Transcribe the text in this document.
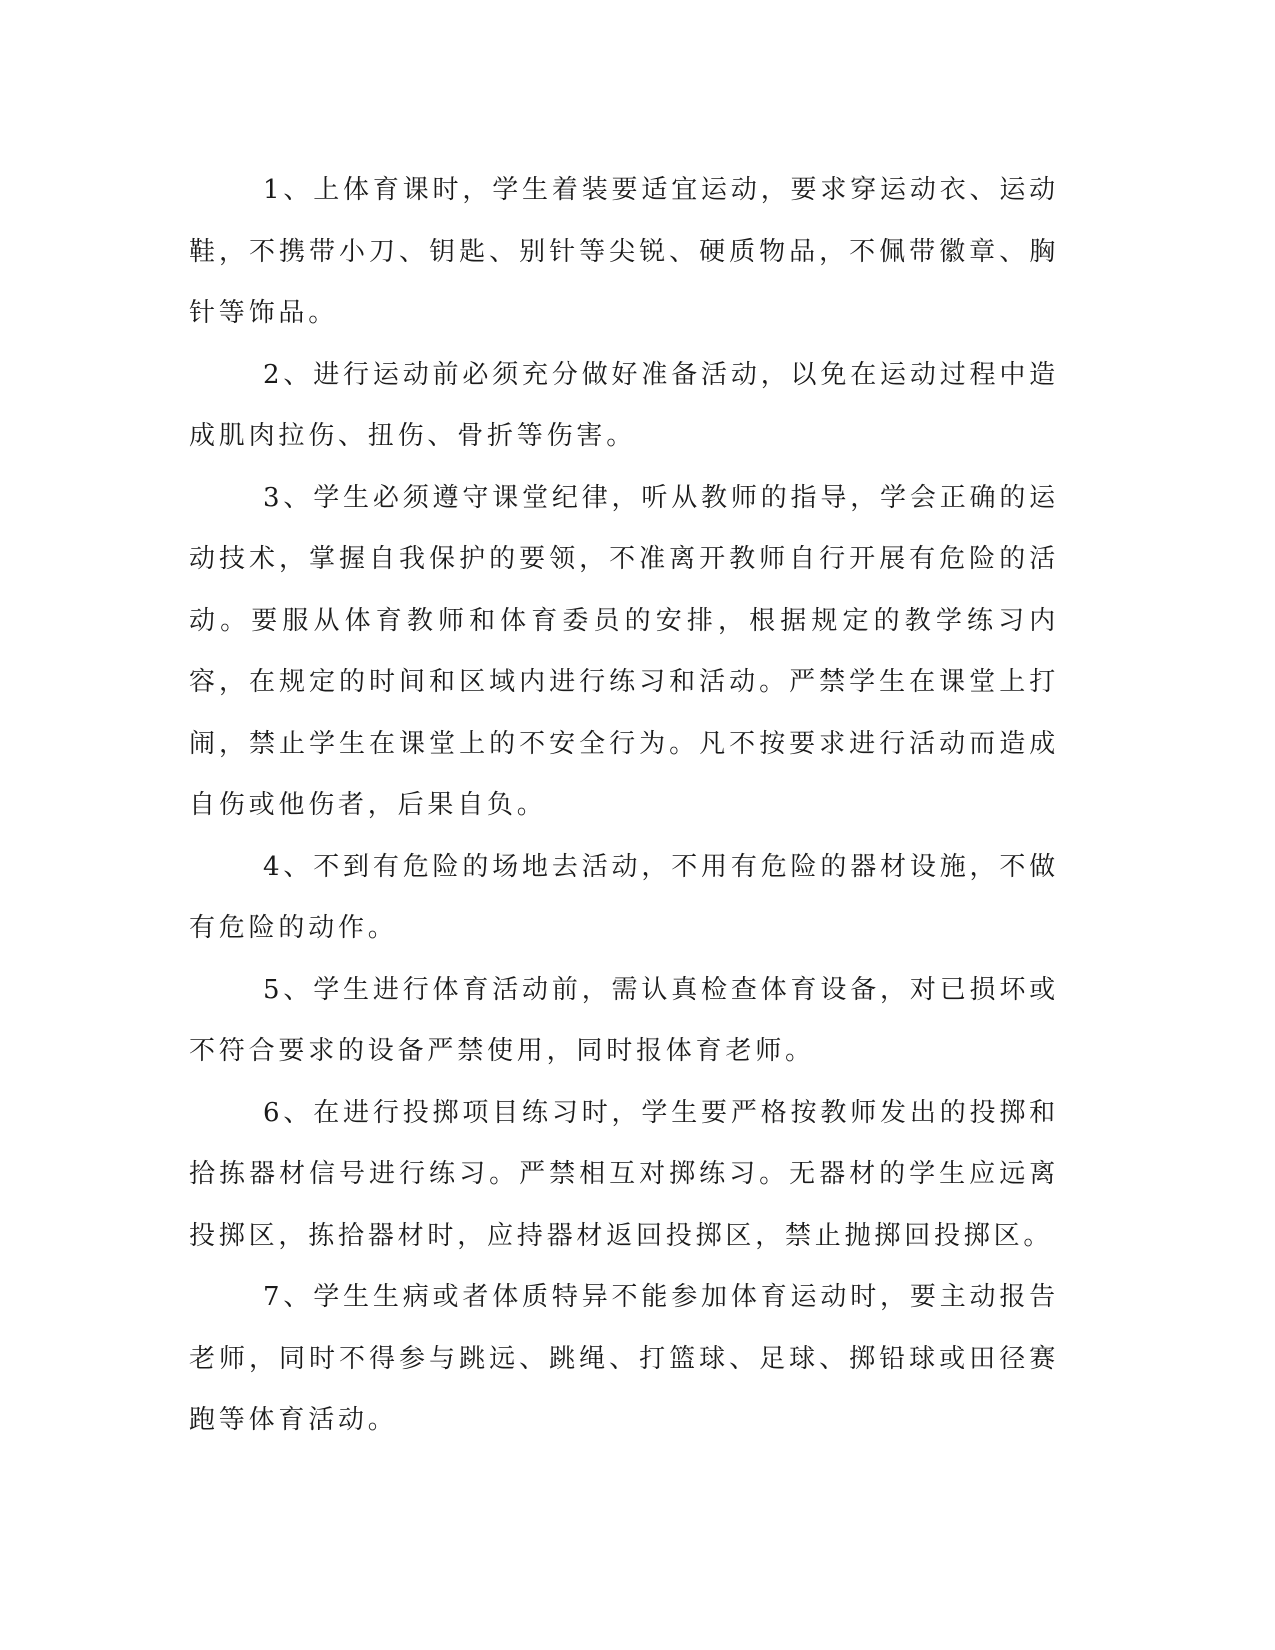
1、上体育课时，学生着装要适宜运动，要求穿运动衣、运动鞋，不携带小刀、钥匙、别针等尖锐、硬质物品，不佩带徽章、胸针等饰品。

2、进行运动前必须充分做好准备活动，以免在运动过程中造成肌肉拉伤、扭伤、骨折等伤害。

3、学生必须遵守课堂纪律，听从教师的指导，学会正确的运动技术，掌握自我保护的要领，不准离开教师自行开展有危险的活动。要服从体育教师和体育委员的安排，根据规定的教学练习内容，在规定的时间和区域内进行练习和活动。严禁学生在课堂上打闹，禁止学生在课堂上的不安全行为。凡不按要求进行活动而造成自伤或他伤者，后果自负。

4、不到有危险的场地去活动，不用有危险的器材设施，不做有危险的动作。

5、学生进行体育活动前，需认真检查体育设备，对已损坏或不符合要求的设备严禁使用，同时报体育老师。

6、在进行投掷项目练习时，学生要严格按教师发出的投掷和拾拣器材信号进行练习。严禁相互对掷练习。无器材的学生应远离投掷区，拣拾器材时，应持器材返回投掷区，禁止抛掷回投掷区。

7、学生生病或者体质特异不能参加体育运动时，要主动报告老师，同时不得参与跳远、跳绳、打篮球、足球、掷铅球或田径赛跑等体育活动。
